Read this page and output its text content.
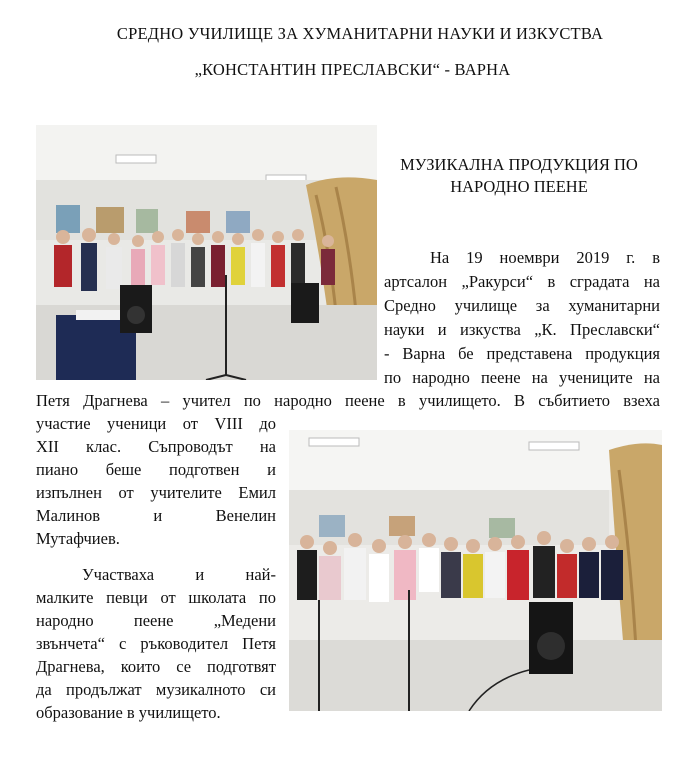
СРЕДНО УЧИЛИЩЕ ЗА ХУМАНИТАРНИ НАУКИ И ИЗКУСТВА
„КОНСТАНТИН ПРЕСЛАВСКИ“ - ВАРНА
МУЗИКАЛНА ПРОДУКЦИЯ ПО
НАРОДНО ПЕЕНЕ
На 19 ноември 2019 г. в
артсалон „Ракурси“ в сградата на
Средно училище за хуманитарни
науки и изкуства „К. Преславски“
- Варна бе представена продукция
по народно пеене на учениците на
Петя Драгнева – учител по народно пеене в училището. В събитието взеха
участие ученици от VIII до
XII клас. Съпроводът на
пиано беше подготвен и
изпълнен от учителите Емил
Малинов и Венелин
Мутафчиев.
Участваха и най-
малките певци от школата по
народно пеене „Медени
звънчета“ с ръководител Петя
Драгнева, които се подготвят
да продължат музикалното си
образование в училището.
